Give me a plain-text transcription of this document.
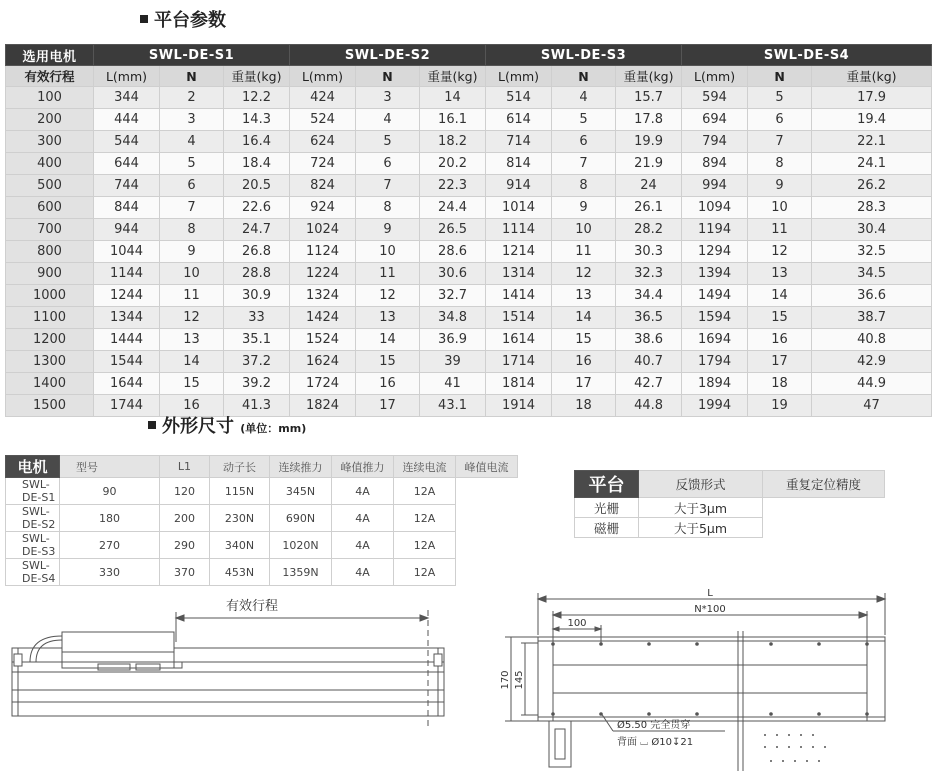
平台参数
选用电机	SWL-DE-S1			SWL-DE-S2			SWL-DE-S3			SWL-DE-S4		
有效行程	L(mm)	N	重量(kg)	L(mm)	N	重量(kg)	L(mm)	N	重量(kg)	L(mm)	N	重量(kg)
100	344	2	12.2	424	3	14	514	4	15.7	594	5	17.9
200	444	3	14.3	524	4	16.1	614	5	17.8	694	6	19.4
300	544	4	16.4	624	5	18.2	714	6	19.9	794	7	22.1
400	644	5	18.4	724	6	20.2	814	7	21.9	894	8	24.1
500	744	6	20.5	824	7	22.3	914	8	24	994	9	26.2
600	844	7	22.6	924	8	24.4	1014	9	26.1	1094	10	28.3
700	944	8	24.7	1024	9	26.5	1114	10	28.2	1194	11	30.4
800	1044	9	26.8	1124	10	28.6	1214	11	30.3	1294	12	32.5
900	1144	10	28.8	1224	11	30.6	1314	12	32.3	1394	13	34.5
1000	1244	11	30.9	1324	12	32.7	1414	13	34.4	1494	14	36.6
1100	1344	12	33	1424	13	34.8	1514	14	36.5	1594	15	38.7
1200	1444	13	35.1	1524	14	36.9	1614	15	38.6	1694	16	40.8
1300	1544	14	37.2	1624	15	39	1714	16	40.7	1794	17	42.9
1400	1644	15	39.2	1724	16	41	1814	17	42.7	1894	18	44.9
1500	1744	16	41.3	1824	17	43.1	1914	18	44.8	1994	19	47
外形尺寸 (单位：mm)
电机	型号	L1	动子长	连续推力	峰值推力	连续电流	峰值电流
SWL-DE-S1	90	120	115N	345N	4A	12A	
SWL-DE-S2	180	200	230N	690N	4A	12A	
SWL-DE-S3	270	290	340N	1020N	4A	12A	
SWL-DE-S4	330	370	453N	1359N	4A	12A	
平台	反馈形式	重复定位精度
光栅	大于3μm	
磁栅	大于5μm	
有效行程
L
N*100
100
170 145
Ø5.50 完全贯穿
背面 ⌴ Ø10↧21
